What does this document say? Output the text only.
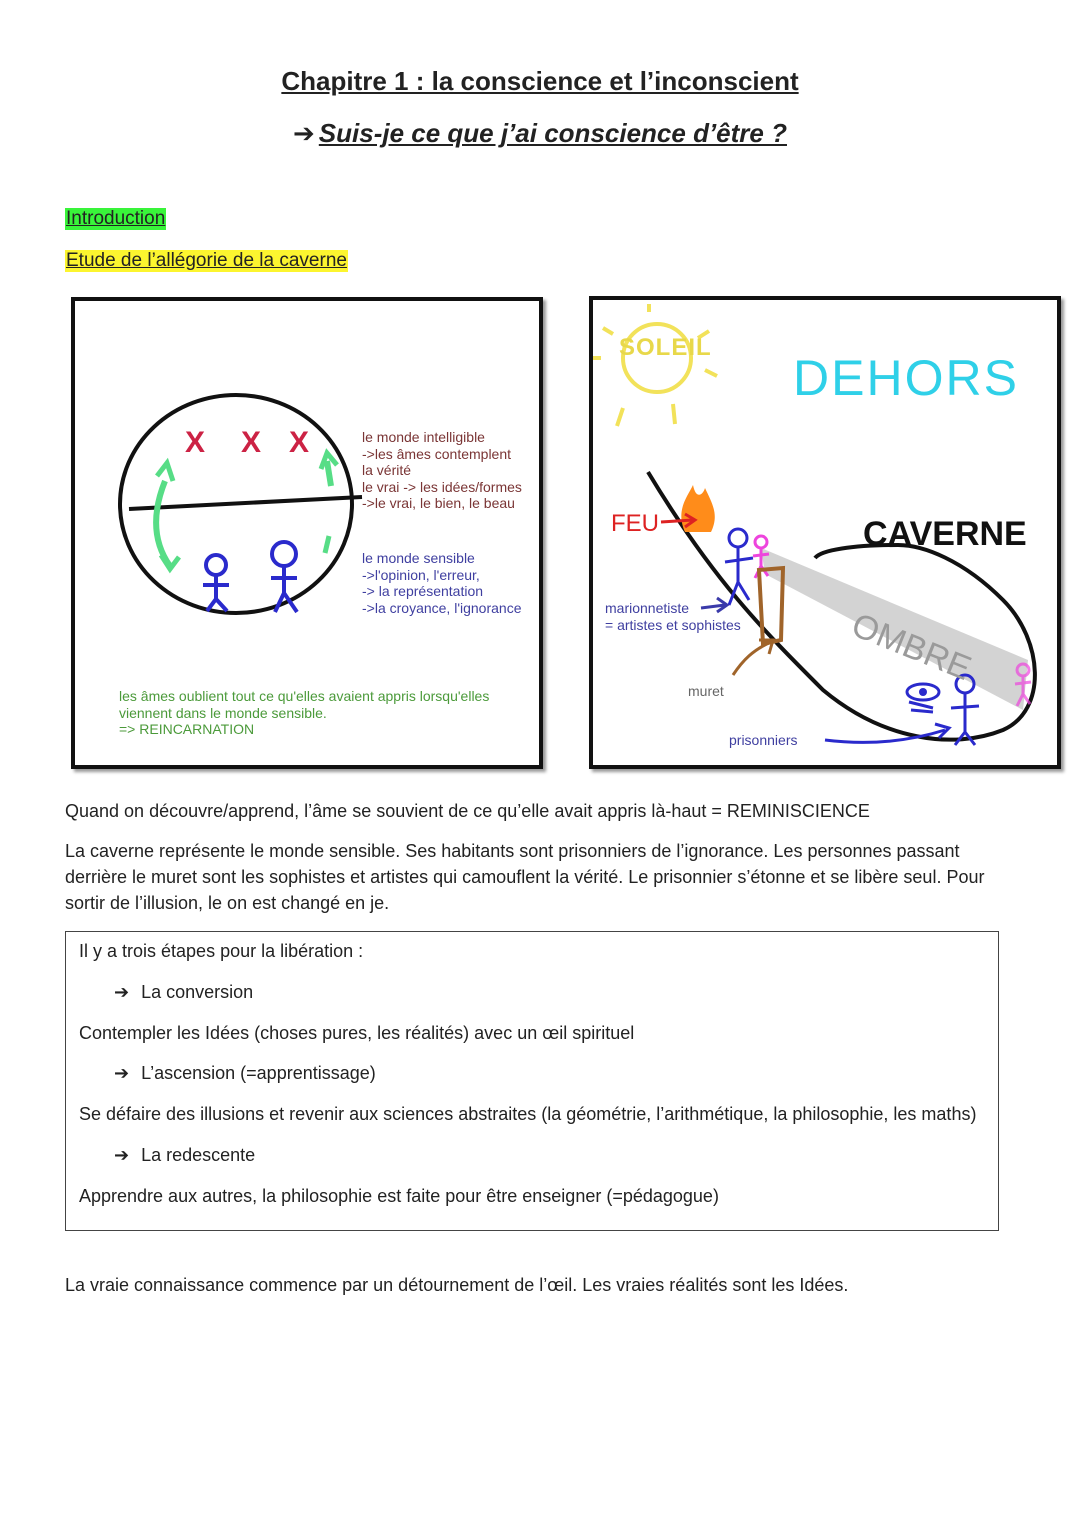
Chapitre 1 : la conscience et l’inconscient
➔ Suis-je ce que j’ai conscience d’être ?
Introduction
Etude de l’allégorie de la caverne
X X X	le monde intelligible
->les âmes contemplent
la vérité
le vrai -> les idées/formes
->le vrai, le bien, le beau
le monde sensible
->l'opinion, l'erreur,
-> la représentation
->la croyance, l'ignorance
les âmes oublient tout ce qu'elles avaient appris lorsqu'elles
viennent dans le monde sensible.
=> REINCARNATION
SOLEIL
DEHORS
FEU	CAVERNE
OMBRE
marionnetiste
= artistes et sophistes
muret
prisonniers
Quand on découvre/apprend, l’âme se souvient de ce qu’elle avait appris là-haut = REMINISCIENCE
La caverne représente le monde sensible. Ses habitants sont prisonniers de l’ignorance. Les personnes passant
derrière le muret sont les sophistes et artistes qui camouflent la vérité. Le prisonnier s’étonne et se libère seul. Pour
sortir de l’illusion, le on est changé en je.
Il y a trois étapes pour la libération :
➔ La conversion
Contempler les Idées (choses pures, les réalités) avec un œil spirituel
➔ L’ascension (=apprentissage)
Se défaire des illusions et revenir aux sciences abstraites (la géométrie, l’arithmétique, la philosophie, les maths)
➔ La redescente
Apprendre aux autres, la philosophie est faite pour être enseigner (=pédagogue)
La vraie connaissance commence par un détournement de l’œil. Les vraies réalités sont les Idées.
